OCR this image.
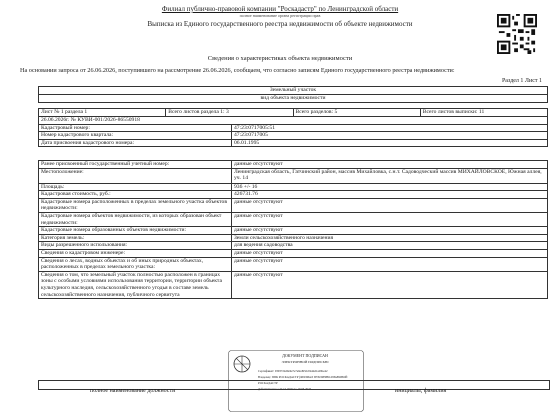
Филиал публично-правовой компании "Роскадастр" по Ленинградской области
полное наименование органа регистрации прав
Выписка из Единого государственного реестра недвижимости об объекте недвижимости
Сведения о характеристиках объекта недвижимости
На основании запроса от 26.06.2026, поступившего на рассмотрение 26.06.2026, сообщаем, что согласно записям Единого государственного реестра недвижимости:
Раздел 1 Лист 1
Земельный участок
вид объекта недвижимости
Лист № 1 раздела 1	Всего листов раздела 1: 3	Всего разделов: 5	Всего листов выписки: 11
26.06.2026г. № КУВИ-001/2026-86550918	
Кадастровый номер:	47:23:0717005:51
Номер кадастрового квартала:	47:23:0717005
Дата присвоения кадастрового номера:	06.01.1995
Ранее присвоенный государственный учетный номер:	данные отсутствуют
Местоположение:	Ленинградская область, Гатчинский район, массив Михайловка, с.н.т. Садоводческий массив МИХАЙЛОВСКОЕ, Южная аллея, уч. 14
Площадь:	936 +/- 16
Кадастровая стоимость, руб.:	426731.76
Кадастровые номера расположенных в пределах земельного участка объектов недвижимости:	данные отсутствуют
Кадастровые номера объектов недвижимости, из которых образован объект недвижимости:	данные отсутствуют
Кадастровые номера образованных объектов недвижимости:	данные отсутствуют
Категория земель:	Земли сельскохозяйственного назначения
Виды разрешенного использования:	для ведения садоводства
Сведения о кадастровом инженере:	данные отсутствуют
Сведения о лесах, водных объектах и об иных природных объектах, расположенных в пределах земельного участка:	данные отсутствуют
Сведения о том, что земельный участок полностью расположен в границах зоны с особыми условиями использования территории, территории объекта культурного наследия, сельскохозяйственного угодья в составе земель сельскохозяйственного назначения, публичного сервитута	данные отсутствуют
ДОКУМЕНТ ПОДПИСАН
ЭЛЕКТРОННОЙ ПОДПИСЬЮ
Сертификат: 0393724d0e9e7e7e9ed932c0444d1a29be42
Владелец: ППК РОСКАДАСТР (ФИЛИАЛ ПУБЛИЧНО-ПРАВОВОЙ
РОСКАДАСТР
Действителен: с 24.12.2025 по 19.03.2027
полное наименование должности	инициалы, фамилия
